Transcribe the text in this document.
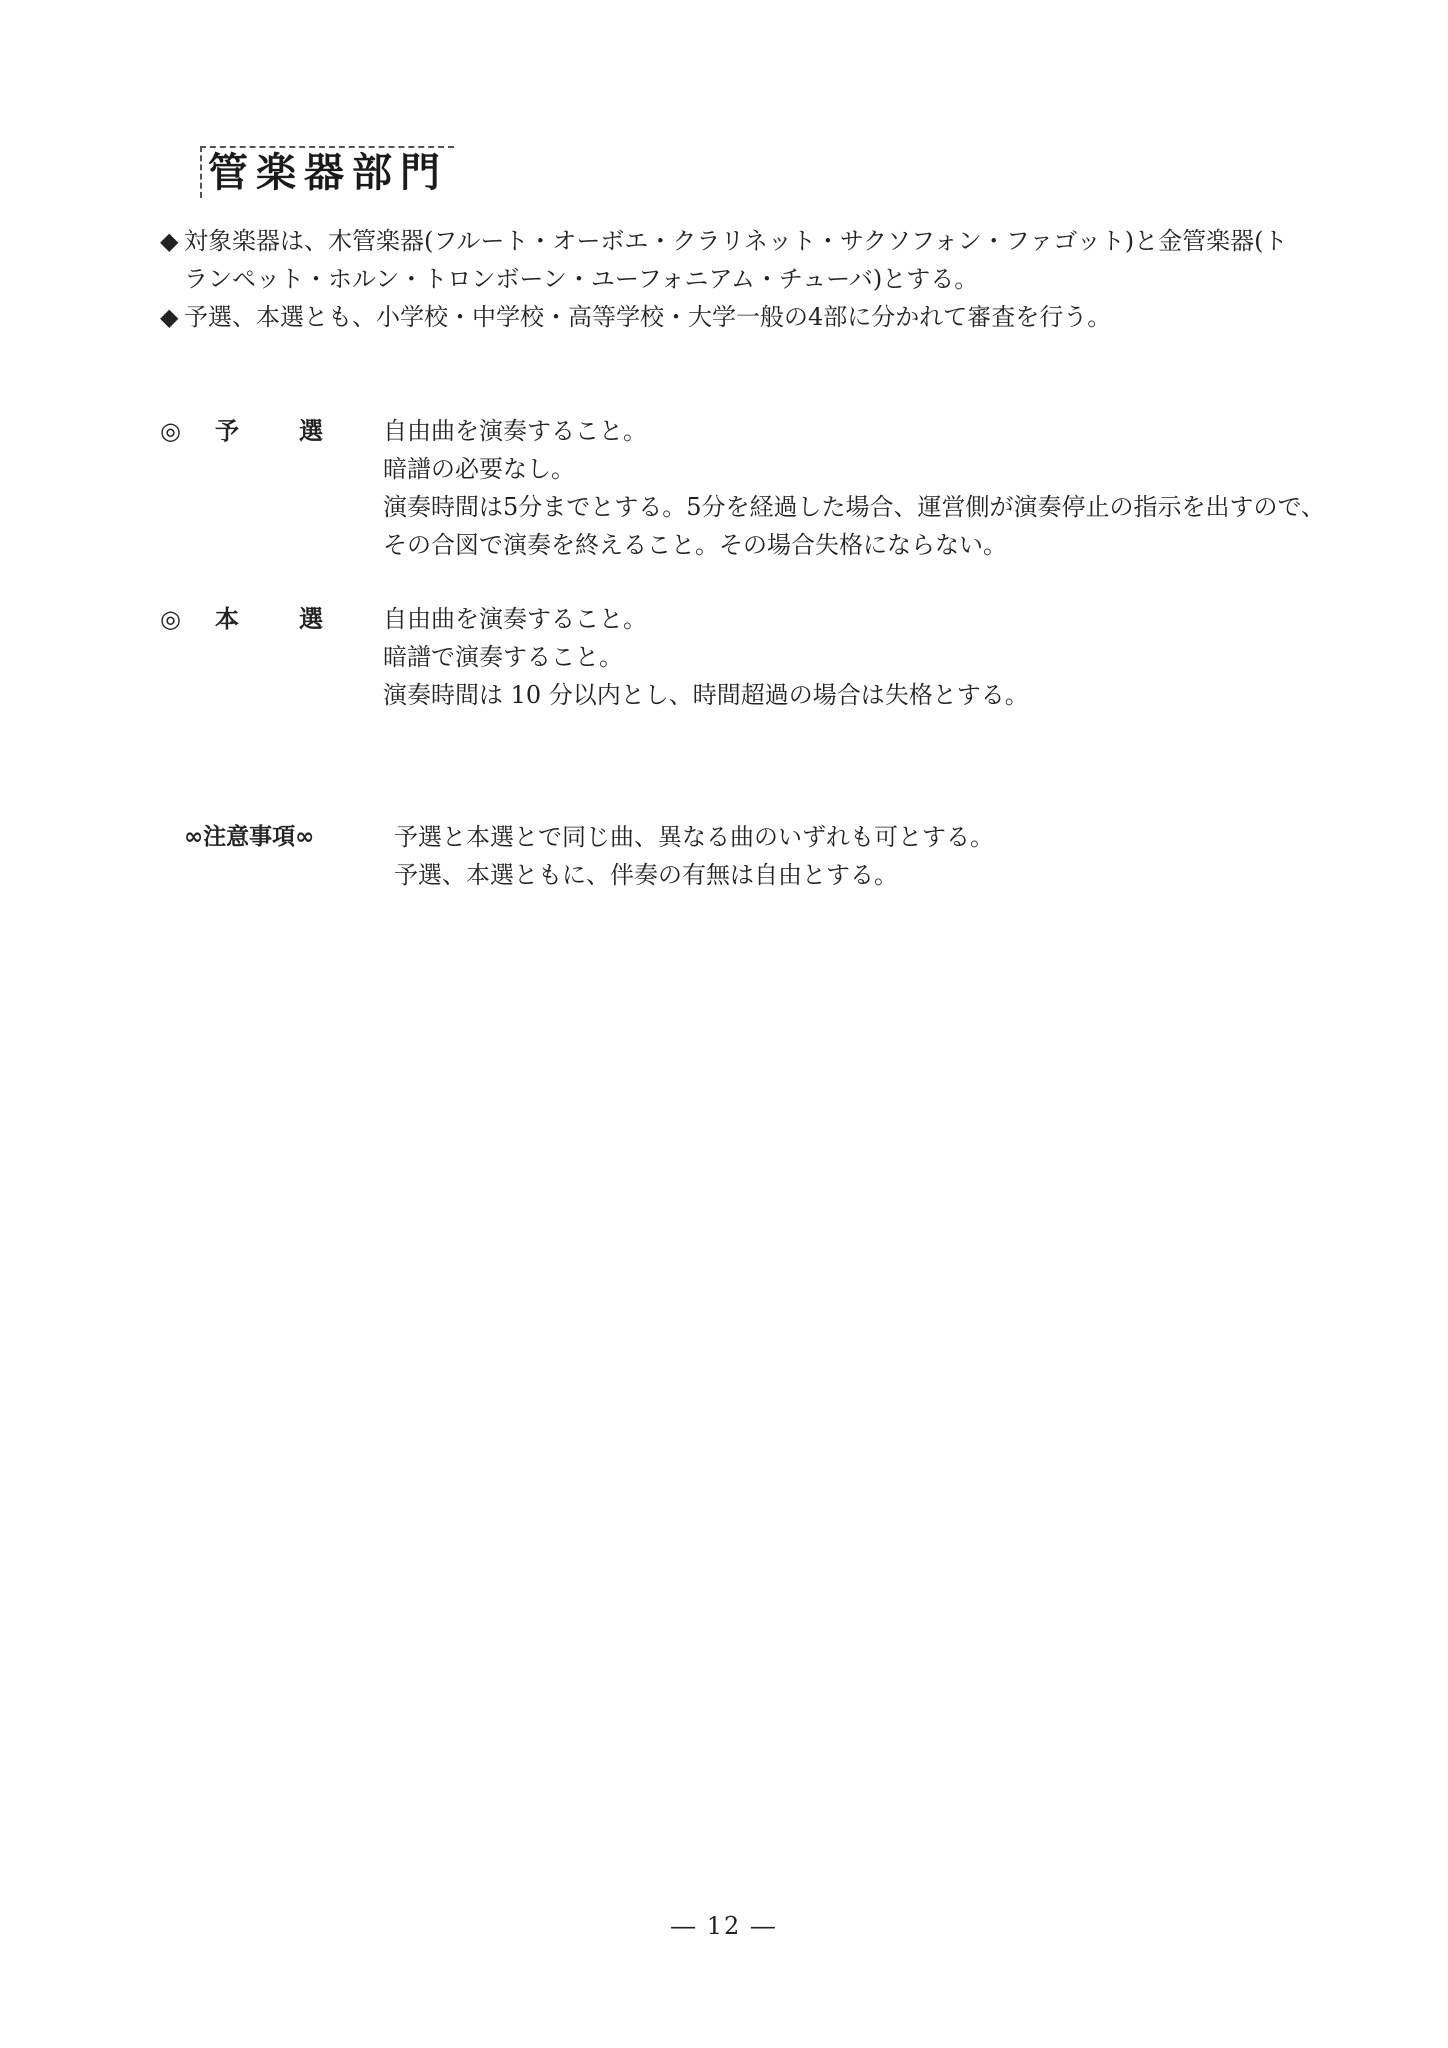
管楽器部門
◆ 対象楽器は、木管楽器(フルート・オーボエ・クラリネット・サクソフォン・ファゴット)と金管楽器(トランペット・ホルン・トロンボーン・ユーフォニアム・チューバ)とする。
◆ 予選、本選とも、小学校・中学校・高等学校・大学一般の4部に分かれて審査を行う。
◎	予	選	自由曲を演奏すること。

暗譜の必要なし。

演奏時間は5分までとする。5分を経過した場合、運営側が演奏停止の指示を出すので、その合図で演奏を終えること。その場合失格にならない。

◎	本	選	自由曲を演奏すること。

暗譜で演奏すること。

演奏時間は 10 分以内とし、時間超過の場合は失格とする。

∞注意事項∞	予選と本選とで同じ曲、異なる曲のいずれも可とする。

予選、本選ともに、伴奏の有無は自由とする。

― 12 ―
